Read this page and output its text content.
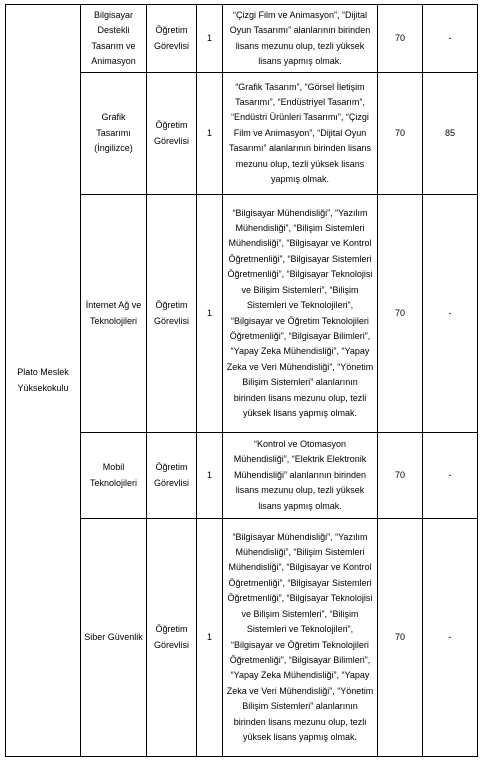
Plato Meslek Yüksekokulu	Bilgisayar Destekli Tasarım ve Animasyon	Öğretim Görevlisi	1	“Çizgi Film ve Animasyon”, “Dijital Oyun Tasarımı” alanlarının birinden lisans mezunu olup, tezli yüksek lisans yapmış olmak.	70	-
	Grafik Tasarımı (İngilizce)	Öğretim Görevlisi	1	“Grafik Tasarım”, “Görsel İletişim Tasarımı”, “Endüstriyel Tasarım”, “Endüstri Ürünleri Tasarımı”, “Çizgi Film ve Animasyon”, “Dijital Oyun Tasarımı” alanlarının birinden lisans mezunu olup, tezli yüksek lisans yapmış olmak.	70	85
	İnternet Ağ ve Teknolojileri	Öğretim Görevlisi	1	“Bilgisayar Mühendisliği”, “Yazılım Mühendisliği”, “Bilişim Sistemleri Mühendisliği”, “Bilgisayar ve Kontrol Öğretmenliği”, “Bilgisayar Sistemleri Öğretmenliği”, “Bilgisayar Teknolojisi ve Bilişim Sistemleri”, “Bilişim Sistemleri ve Teknolojileri”, “Bilgisayar ve Öğretim Teknolojileri Öğretmenliği”, “Bilgisayar Bilimleri”, “Yapay Zeka Mühendisliği”, “Yapay Zeka ve Veri Mühendisliği”, “Yönetim Bilişim Sistemleri” alanlarının birinden lisans mezunu olup, tezli yüksek lisans yapmış olmak.	70	-
	Mobil Teknolojileri	Öğretim Görevlisi	1	“Kontrol ve Otomasyon Mühendisliği”, “Elektrik Elektronik Mühendisliği” alanlarının birinden lisans mezunu olup, tezli yüksek lisans yapmış olmak.	70	-
	Siber Güvenlik	Öğretim Görevlisi	1	“Bilgisayar Mühendisliği”, “Yazılım Mühendisliği”, “Bilişim Sistemleri Mühendisliği”, “Bilgisayar ve Kontrol Öğretmenliği”, “Bilgisayar Sistemleri Öğretmenliği”, “Bilgisayar Teknolojisi ve Bilişim Sistemleri”, “Bilişim Sistemleri ve Teknolojileri”, “Bilgisayar ve Öğretim Teknolojileri Öğretmenliği”, “Bilgisayar Bilimleri”, “Yapay Zeka Mühendisliği”, “Yapay Zeka ve Veri Mühendisliği”, “Yönetim Bilişim Sistemleri” alanlarının birinden lisans mezunu olup, tezli yüksek lisans yapmış olmak.	70	-
